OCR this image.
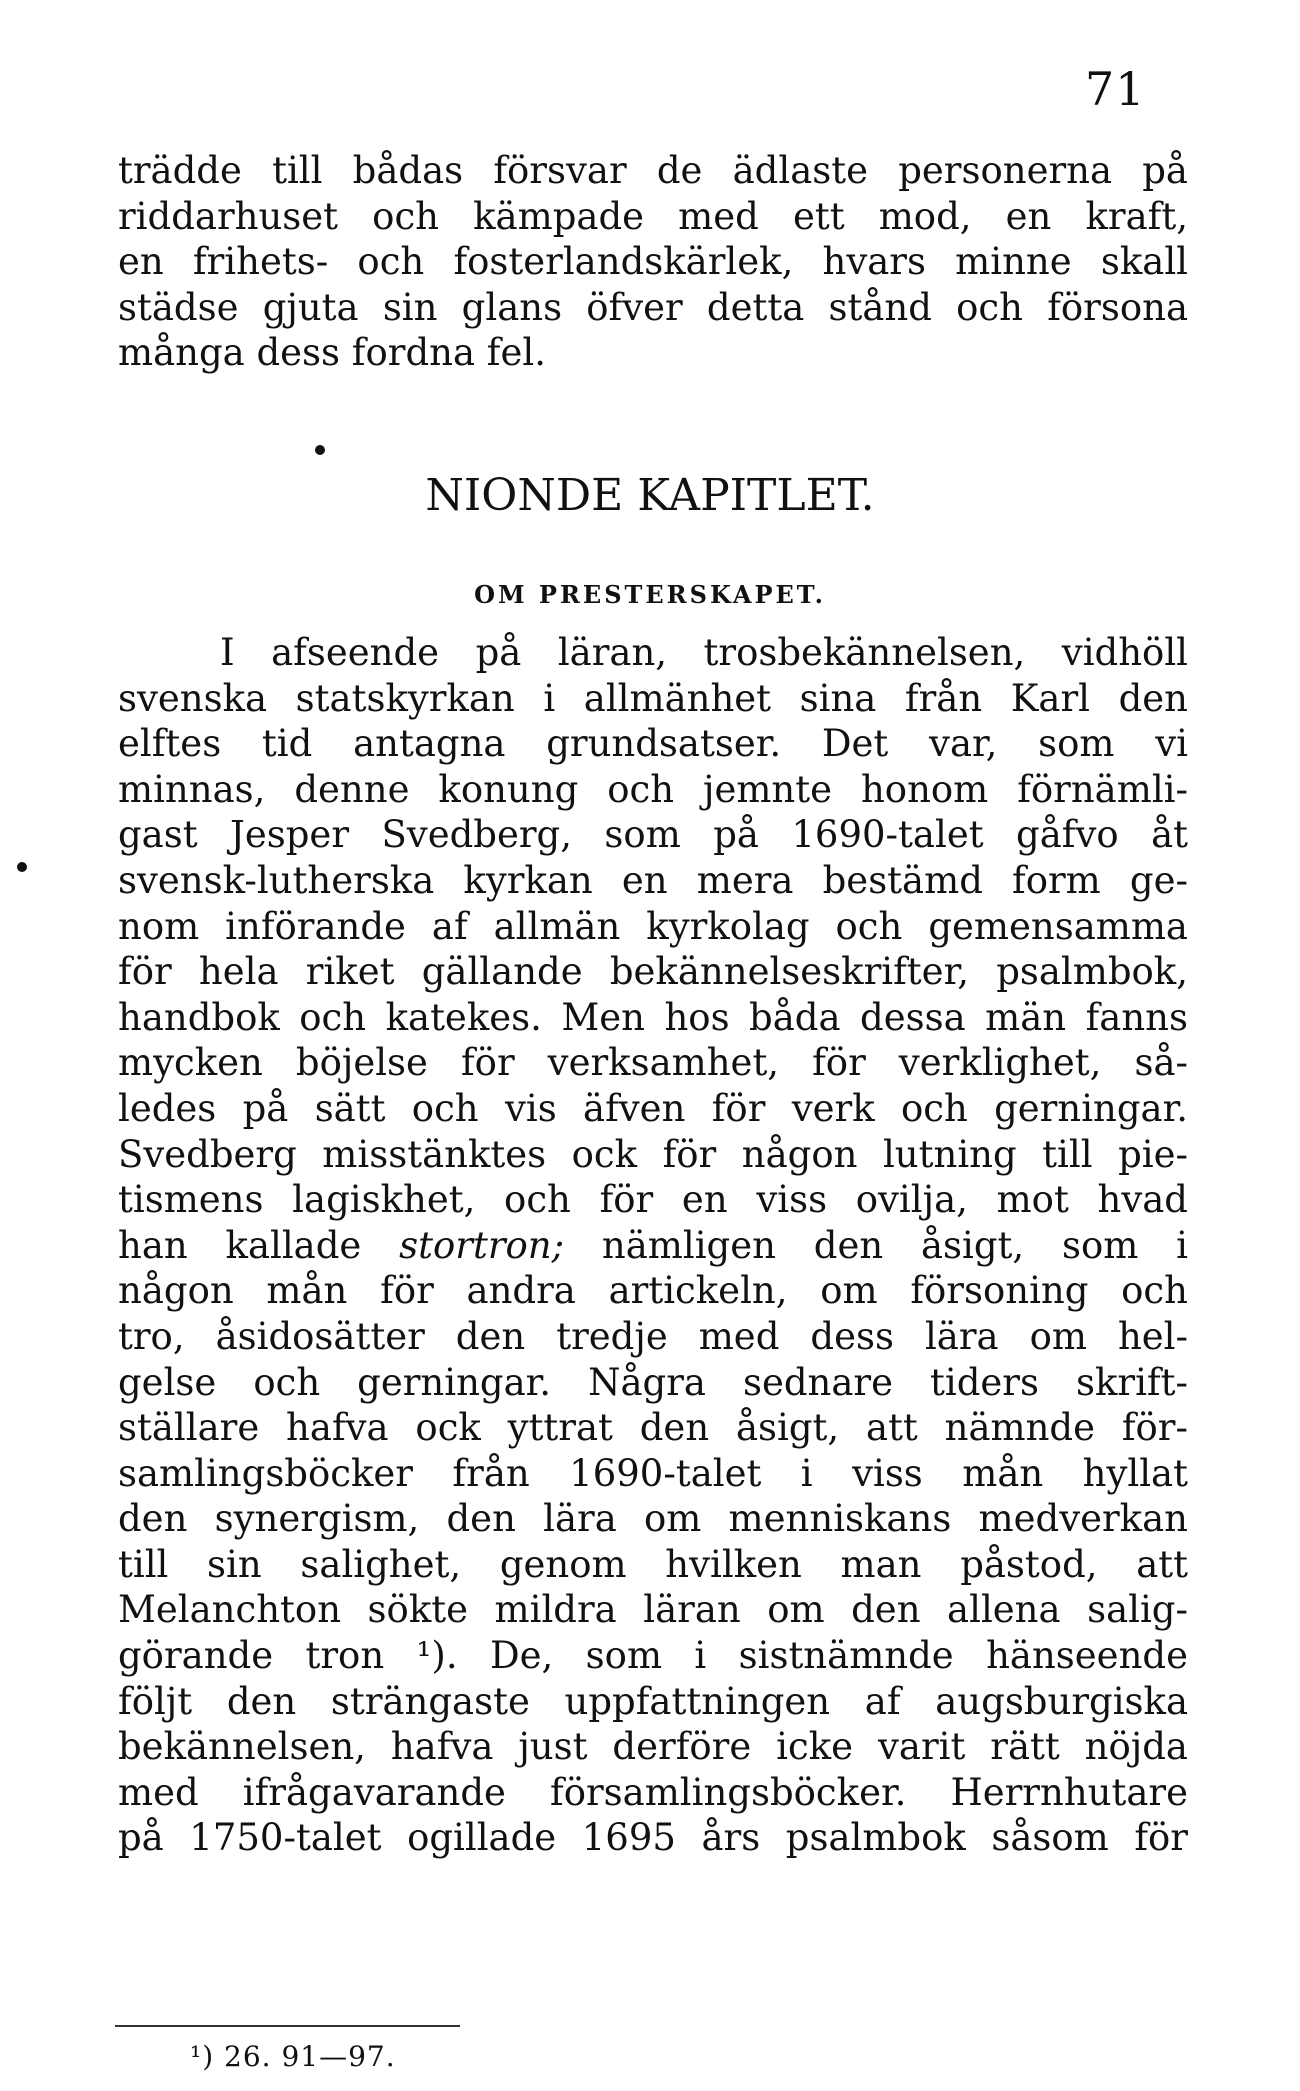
71
trädde till bådas försvar de ädlaste personerna på
riddarhuset och kämpade med ett mod, en kraft,
en frihets- och fosterlandskärlek, hvars minne skall
städse gjuta sin glans öfver detta stånd och försona
många dess fordna fel.
NIONDE KAPITLET.
OM PRESTERSKAPET.
I afseende på läran, trosbekännelsen, vidhöll
svenska statskyrkan i allmänhet sina från Karl den
elftes tid antagna grundsatser. Det var, som vi
minnas, denne konung och jemnte honom förnämli-
gast Jesper Svedberg, som på 1690-talet gåfvo åt
svensk-lutherska kyrkan en mera bestämd form ge-
nom införande af allmän kyrkolag och gemensamma
för hela riket gällande bekännelseskrifter, psalmbok,
handbok och katekes. Men hos båda dessa män fanns
mycken böjelse för verksamhet, för verklighet, så-
ledes på sätt och vis äfven för verk och gerningar.
Svedberg misstänktes ock för någon lutning till pie-
tismens lagiskhet, och för en viss ovilja, mot hvad
han kallade stortron; nämligen den åsigt, som i
någon mån för andra artickeln, om försoning och
tro, åsidosätter den tredje med dess lära om hel-
gelse och gerningar. Några sednare tiders skrift-
ställare hafva ock yttrat den åsigt, att nämnde för-
samlingsböcker från 1690-talet i viss mån hyllat
den synergism, den lära om menniskans medverkan
till sin salighet, genom hvilken man påstod, att
Melanchton sökte mildra läran om den allena salig-
görande tron ¹). De, som i sistnämnde hänseende
följt den strängaste uppfattningen af augsburgiska
bekännelsen, hafva just derföre icke varit rätt nöjda
med ifrågavarande församlingsböcker. Herrnhutare
på 1750-talet ogillade 1695 års psalmbok såsom för
¹) 26. 91—97.
